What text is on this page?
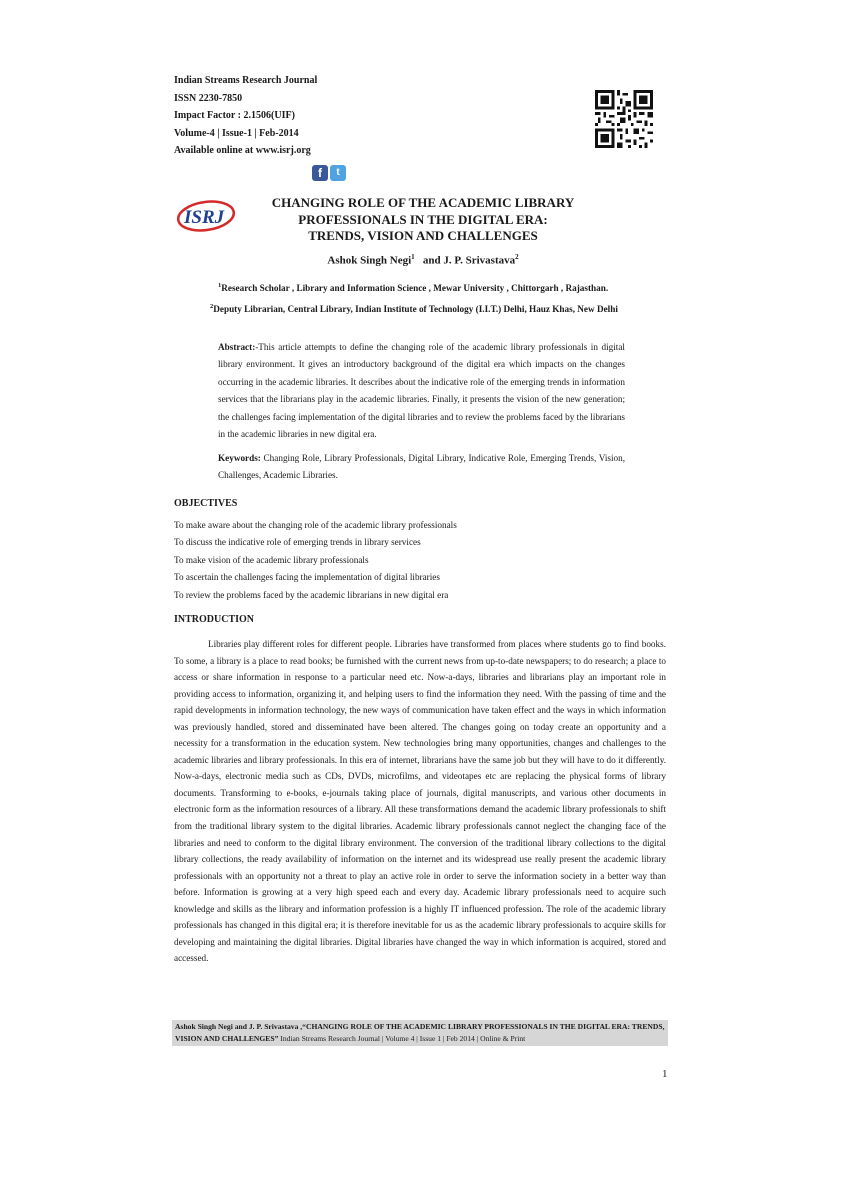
Indian Streams Research Journal
ISSN 2230-7850
Impact Factor : 2.1506(UIF)
Volume-4 | Issue-1 | Feb-2014
Available online at www.isrj.org
f	t
ISRJ
CHANGING ROLE OF THE ACADEMIC LIBRARY
PROFESSIONALS IN THE DIGITAL ERA:
TRENDS, VISION AND CHALLENGES
Ashok Singh Negi$^1$ and J. P. Srivastava$^2$
$^1$Research Scholar , Library and Information Science , Mewar University , Chittorgarh , Rajasthan.
$^2$Deputy Librarian, Central Library, Indian Institute of Technology (I.I.T.) Delhi, Hauz Khas, New Delhi
Abstract:-This article attempts to define the changing role of the academic library professionals in digital library environment. It gives an introductory background of the digital era which impacts on the changes occurring in the academic libraries. It describes about the indicative role of the emerging trends in information services that the librarians play in the academic libraries. Finally, it presents the vision of the new generation; the challenges facing implementation of the digital libraries and to review the problems faced by the librarians in the academic libraries in new digital era.
Keywords: Changing Role, Library Professionals, Digital Library, Indicative Role, Emerging Trends, Vision, Challenges, Academic Libraries.
OBJECTIVES
To make aware about the changing role of the academic library professionals
To discuss the indicative role of emerging trends in library services
To make vision of the academic library professionals
To ascertain the challenges facing the implementation of digital libraries
To review the problems faced by the academic librarians in new digital era
INTRODUCTION

Libraries play different roles for different people. Libraries have transformed from places where students go to find books. To some, a library is a place to read books; be furnished with the current news from up-to-date newspapers; to do research; a place to access or share information in response to a particular need etc. Now-a-days, libraries and librarians play an important role in providing access to information, organizing it, and helping users to find the information they need. With the passing of time and the rapid developments in information technology, the new ways of communication have taken effect and the ways in which information was previously handled, stored and disseminated have been altered. The changes going on today create an opportunity and a necessity for a transformation in the education system. New technologies bring many opportunities, changes and challenges to the academic libraries and library professionals. In this era of internet, librarians have the same job but they will have to do it differently. Now-a-days, electronic media such as CDs, DVDs, microfilms, and videotapes etc are replacing the physical forms of library documents. Transforming to e-books, e-journals taking place of journals, digital manuscripts, and various other documents in electronic form as the information resources of a library. All these transformations demand the academic library professionals to shift from the traditional library system to the digital libraries. Academic library professionals cannot neglect the changing face of the libraries and need to conform to the digital library environment. The conversion of the traditional library collections to the digital library collections, the ready availability of information on the internet and its widespread use really present the academic library professionals with an opportunity not a threat to play an active role in order to serve the information society in a better way than before. Information is growing at a very high speed each and every day. Academic library professionals need to acquire such knowledge and skills as the library and information profession is a highly IT influenced profession. The role of the academic library professionals has changed in this digital era; it is therefore inevitable for us as the academic library professionals to acquire skills for developing and maintaining the digital libraries. Digital libraries have changed the way in which information is acquired, stored and accessed.

Ashok Singh Negi and J. P. Srivastava ,“CHANGING ROLE OF THE ACADEMIC LIBRARY PROFESSIONALS IN THE DIGITAL ERA: TRENDS, VISION AND CHALLENGES” Indian Streams Research Journal | Volume 4 | Issue 1 | Feb 2014 | Online & Print
1
